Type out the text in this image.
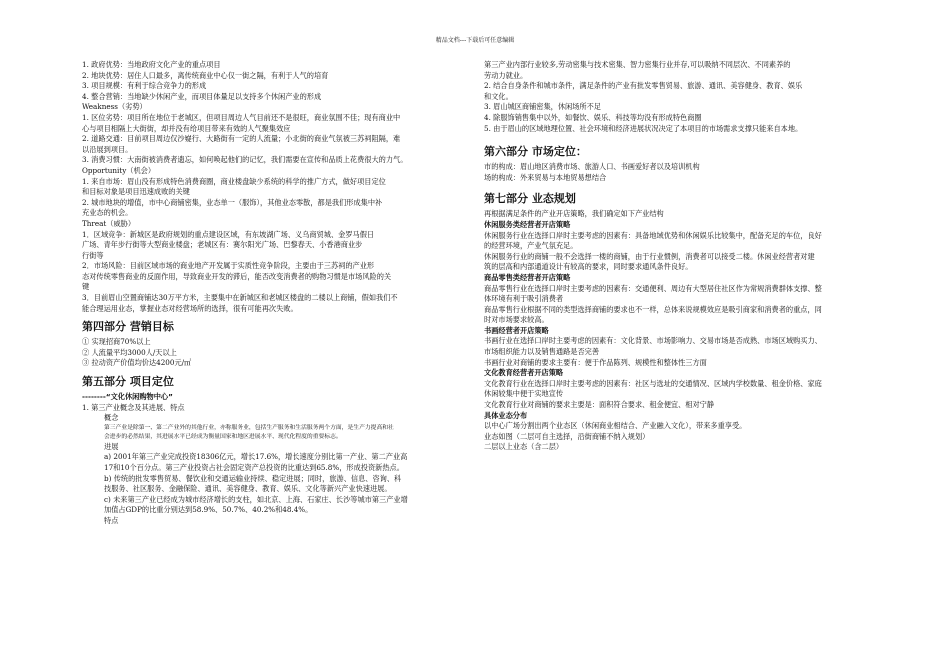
精品文档---下载后可任意编辑
1. 政府优势：当地政府文化产业的重点项目
2. 地块优势：居住人口最多，离传统商业中心仅一街之隔，有利于人气的培育
3. 项目规模：有利于综合竞争力的形成
4. 整合营销：当地缺少休闲产业，而项目体量足以支持多个休闲产业的形成
Weakness（劣势）
1. 区位劣势：项目所在地位于老城区，但项目周边人气目前还不是很旺，商业氛围不佳；现有商业中
心与项目相隔上大街街，却并没有给项目带来有效的人气聚集效应
2. 道路交通：目前项目周边仅沙嶷行、大路街有一定的人流量；小北街的商业气氛被三苏祠阻隔，难
以沿展到项目。
3. 消费习惯：大南街被消费者遗忘，如何唤起他们的记忆，我们需要在宣传和品质上花费很大的力气。
Opportunity（机会）
1. 来自市场：眉山没有形成特色消费商圈，商业楼盘缺少系统的科学的推广方式，做好项目定位
和目标对象是项目迅速成败的关键
2. 城市地块的增值，市中心商铺密集，业态单一（服饰），其他业态零散，都是我们形成集中补
充业态的机会。
Threat（威胁）
1．区域竞争：新城区是政府规划的重点建设区域，有东坡湖广场、义乌商贸城、金罗马假日
广场、青年步行街等大型商业楼盘；老城区有：赛尔阳光广场、巴黎春天、小香港商业步
行街等
2．市场风险：目前区域市场的商业地产开发属于实质性竞争阶段，主要由于三苏祠的产业形
态对传统零售商业的反面作用，导致商业开发的滞后，能否改变消费者的购物习惯是市场风险的关
键
3．目前眉山空置商铺达30万平方米，主要集中在新城区和老城区楼盘的二楼以上商铺，假如我们不
能合理运用业态，掌握业态对经营场所的选择，很有可能再次失败。
第四部分 营销目标
① 实现招商70%以上
② 人流量平均3000人/天以上
③ 拉动资产价值均价达4200元/㎡
第五部分 项目定位
--------“文化休闲购物中心”
1. 第三产业概念及其进展、特点
概念
第三产业是除第一、第二产业外的其他行业，亦称服务业，包括生产服务和生活服务两个方面，是生产力提高和社
会进步的必然结果，其进展水平已经成为衡量国家和地区进展水平、现代化程度的重要标志。
进展
a) 2001年第三产业完成投资18306亿元，增长17.6%，增长速度分别比第一产业、第二产业高
17和10个百分点。第三产业投资占社会固定资产总投资的比重达到65.8%，形成投资新热点。
b) 传统的批发零售贸易、餐饮业和交通运输业持续、稳定进展；同时，旅游、信息、咨询、科
技服务、社区服务、金融保险、通讯、美容健身、教育、娱乐、文化等新兴产业快速进展。
c) 未来第三产业已经成为城市经济增长的支柱，如北京、上海、石家庄、长沙等城市第三产业增
加值占GDP的比重分别达到58.9%、50.7%、40.2%和48.4%。
特点
第三产业内部行业较多,劳动密集与技术密集、智力密集行业并存,可以吸纳不同层次、不同素养的
劳动力就业。
2. 结合自身条件和城市条件，满足条件的产业有批发零售贸易、旅游、通讯、美容健身、教育、娱乐
和文化。
3. 眉山城区商铺密集，休闲场所不足
4. 除服饰销售集中以外，如餐饮、娱乐、科技等均没有形成特色商圈
5. 由于眉山的区域地理位置、社会环境和经济进展状况决定了本项目的市场需求支撑只能来自本地。
第六部分 市场定位：
市的构成：眉山地区消费市场、旅游人口、书画爱好者以及培训机构
场的构成：外来贸易与本地贸易想结合
第七部分 业态规划
再根据满足条件的产业开店策略，我们确定如下产业结构
休闲服务类经营者开店策略
休闲服务行业在选择口岸时主要考虑的因素有：具备地域优势和休闲娱乐比较集中，配备充足的车位，良好
的经营环境，产业气氛充足。
休闲服务行业的商铺一般不会选择一楼的商铺，由于行业惯例，消费者可以接受二楼。休闲业经营者对建
筑的层高和内部通道设计有较高的要求，同时要求通风条件良好。
商品零售类经营者开店策略
商品零售行业在选择口岸时主要考虑的因素有：交通便利、周边有大型居住社区作为常规消费群体支撑、整
体环境有利于吸引消费者
商品零售行业根据不同的类型选择商铺的要求也不一样，总体来说规模效应是吸引商家和消费者的重点，同
时对市场要求较高。
书画经营者开店策略
书画行业在选择口岸时主要考虑的因素有：文化背景、市场影响力、交易市场是否成熟、市场区域购买力、
市场组织能力以及销售通路是否完善
书画行业对商铺的要求主要有：便于作品陈列、规模性和整体性三方面
文化教育经营者开店策略
文化教育行业在选择口岸时主要考虑的因素有：社区与选址的交通情况、区域内学校数量、租金价格、家庭
休闲较集中便于实地宣传
文化教育行业对商铺的要求主要是：面积符合要求、租金便宜、相对宁静
具体业态分布
以中心广场分割出两个业态区（休闲商业相结合、产业融入文化），带来多重享受。
业态如图（二层可自主选择，沿街商铺不纳入规划）
二层以上业态（含二层）
